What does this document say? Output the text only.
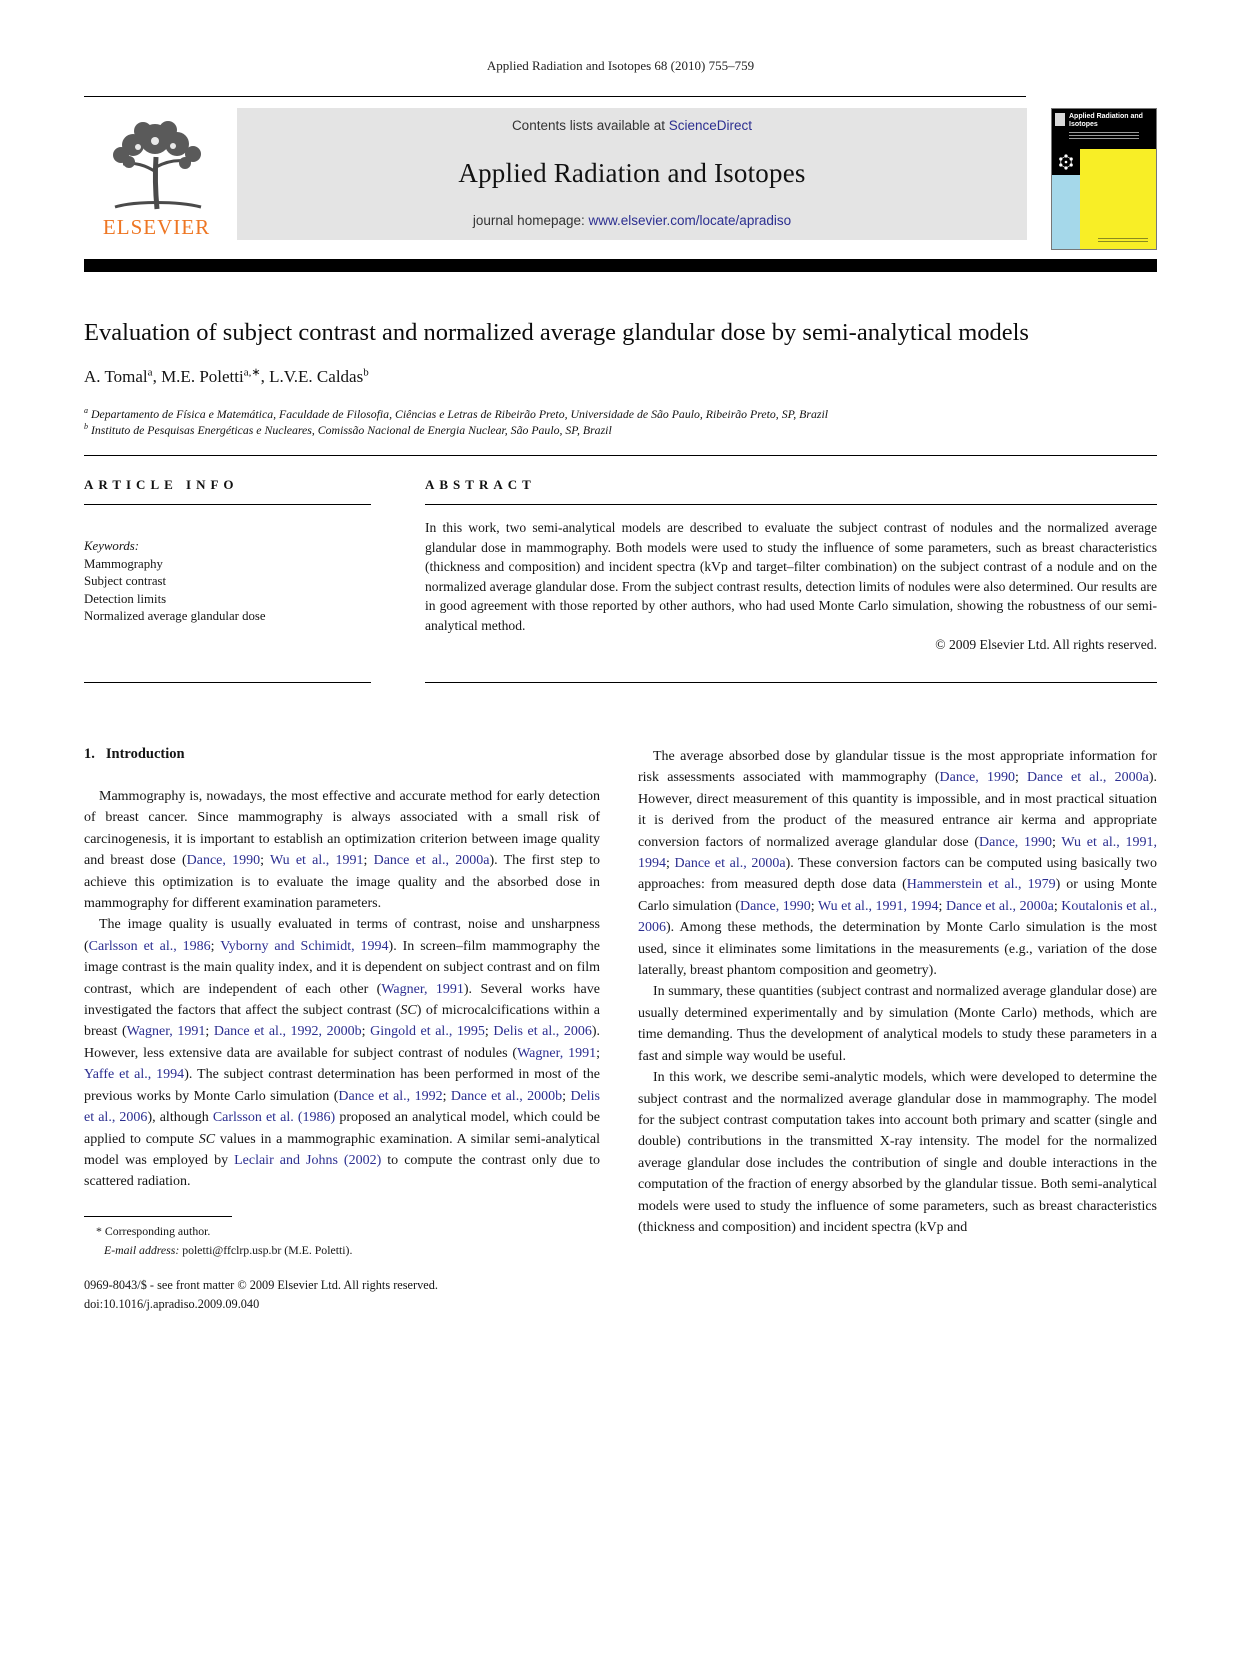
Applied Radiation and Isotopes 68 (2010) 755–759
ELSEVIER
Contents lists available at ScienceDirect
Applied Radiation and Isotopes
journal homepage: www.elsevier.com/locate/apradiso
Applied Radiation and Isotopes
Evaluation of subject contrast and normalized average glandular dose by semi-analytical models
A. Tomal$^a$, M.E. Poletti$^{a,∗}$, L.V.E. Caldas$^b$
$^a$ Departamento de Física e Matemática, Faculdade de Filosofia, Ciências e Letras de Ribeirão Preto, Universidade de São Paulo, Ribeirão Preto, SP, Brazil
$^b$ Instituto de Pesquisas Energéticas e Nucleares, Comissão Nacional de Energia Nuclear, São Paulo, SP, Brazil
ARTICLE INFO
Keywords:
Mammography
Subject contrast
Detection limits
Normalized average glandular dose
ABSTRACT
In this work, two semi-analytical models are described to evaluate the subject contrast of nodules and the normalized average glandular dose in mammography. Both models were used to study the influence of some parameters, such as breast characteristics (thickness and composition) and incident spectra (kVp and target–filter combination) on the subject contrast of a nodule and on the normalized average glandular dose. From the subject contrast results, detection limits of nodules were also determined. Our results are in good agreement with those reported by other authors, who had used Monte Carlo simulation, showing the robustness of our semi-analytical method.
© 2009 Elsevier Ltd. All rights reserved.
1. Introduction

Mammography is, nowadays, the most effective and accurate method for early detection of breast cancer. Since mammography is always associated with a small risk of carcinogenesis, it is important to establish an optimization criterion between image quality and breast dose (Dance, 1990; Wu et al., 1991; Dance et al., 2000a). The first step to achieve this optimization is to evaluate the image quality and the absorbed dose in mammography for different examination parameters.

The image quality is usually evaluated in terms of contrast, noise and unsharpness (Carlsson et al., 1986; Vyborny and Schimidt, 1994). In screen–film mammography the image contrast is the main quality index, and it is dependent on subject contrast and on film contrast, which are independent of each other (Wagner, 1991). Several works have investigated the factors that affect the subject contrast (SC) of microcalcifications within a breast (Wagner, 1991; Dance et al., 1992, 2000b; Gingold et al., 1995; Delis et al., 2006). However, less extensive data are available for subject contrast of nodules (Wagner, 1991; Yaffe et al., 1994). The subject contrast determination has been performed in most of the previous works by Monte Carlo simulation (Dance et al., 1992; Dance et al., 2000b; Delis et al., 2006), although Carlsson et al. (1986) proposed an analytical model, which could be applied to compute SC values in a mammographic examination. A similar semi-analytical model was employed by Leclair and Johns (2002) to compute the contrast only due to scattered radiation.

* Corresponding author.
E-mail address: poletti@ffclrp.usp.br (M.E. Poletti).
0969-8043/$ - see front matter © 2009 Elsevier Ltd. All rights reserved.
doi:10.1016/j.apradiso.2009.09.040

The average absorbed dose by glandular tissue is the most appropriate information for risk assessments associated with mammography (Dance, 1990; Dance et al., 2000a). However, direct measurement of this quantity is impossible, and in most practical situation it is derived from the product of the measured entrance air kerma and appropriate conversion factors of normalized average glandular dose (Dance, 1990; Wu et al., 1991, 1994; Dance et al., 2000a). These conversion factors can be computed using basically two approaches: from measured depth dose data (Hammerstein et al., 1979) or using Monte Carlo simulation (Dance, 1990; Wu et al., 1991, 1994; Dance et al., 2000a; Koutalonis et al., 2006). Among these methods, the determination by Monte Carlo simulation is the most used, since it eliminates some limitations in the measurements (e.g., variation of the dose laterally, breast phantom composition and geometry).

In summary, these quantities (subject contrast and normalized average glandular dose) are usually determined experimentally and by simulation (Monte Carlo) methods, which are time demanding. Thus the development of analytical models to study these parameters in a fast and simple way would be useful.

In this work, we describe semi-analytic models, which were developed to determine the subject contrast and the normalized average glandular dose in mammography. The model for the subject contrast computation takes into account both primary and scatter (single and double) contributions in the transmitted X-ray intensity. The model for the normalized average glandular dose includes the contribution of single and double interactions in the computation of the fraction of energy absorbed by the glandular tissue. Both semi-analytical models were used to study the influence of some parameters, such as breast characteristics (thickness and composition) and incident spectra (kVp and
